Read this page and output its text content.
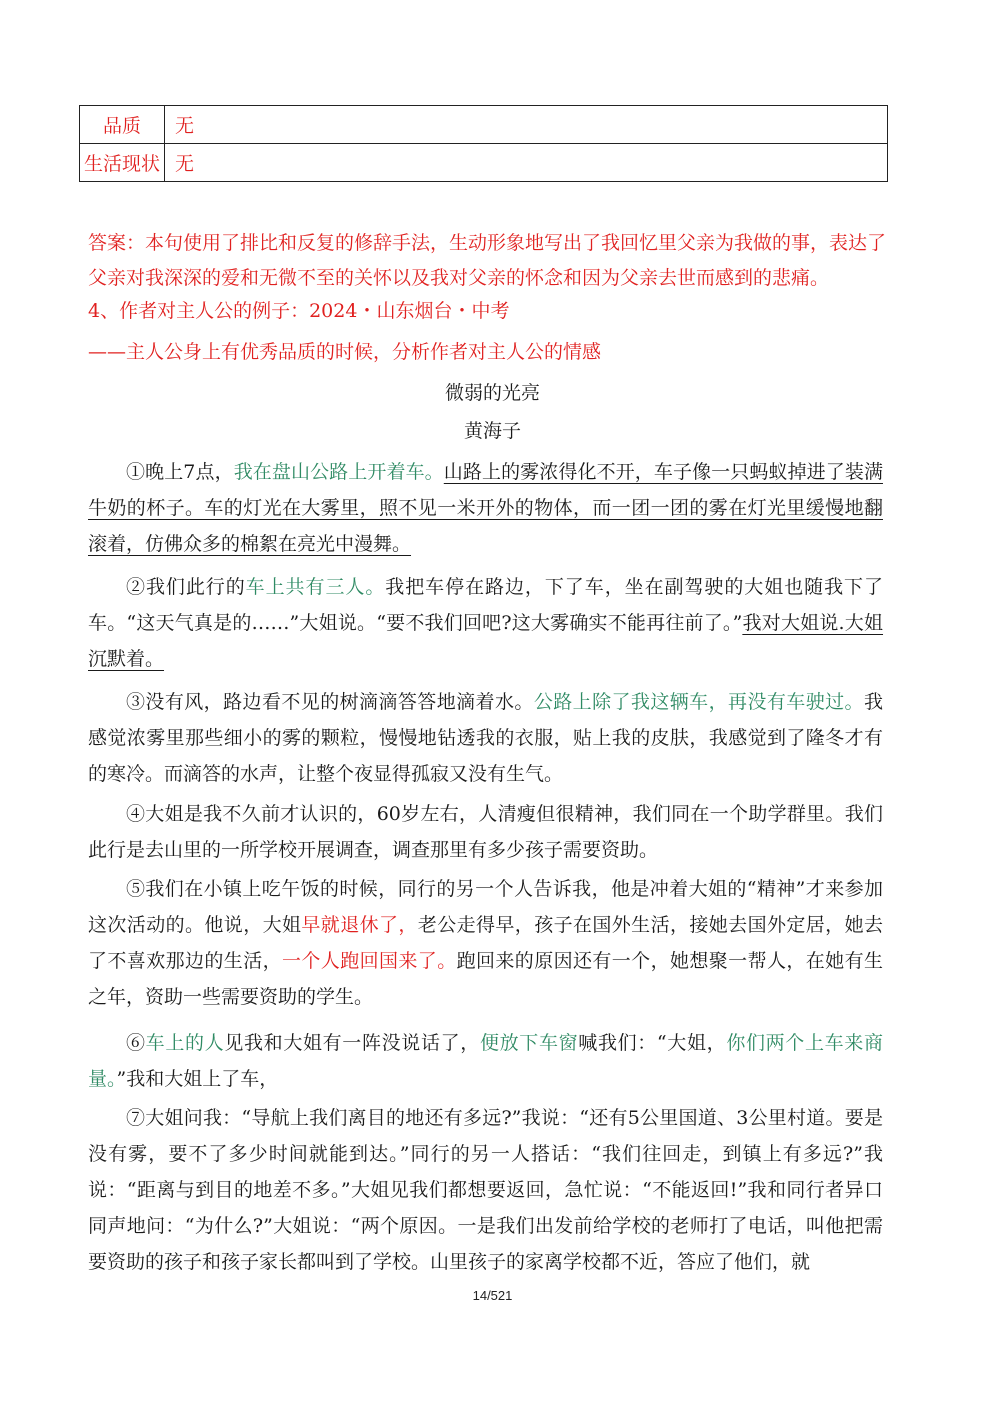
品质	无
生活现状	无
答案：本句使用了排比和反复的修辞手法，生动形象地写出了我回忆里父亲为我做的事，表达了父亲对我深深的爱和无微不至的关怀以及我对父亲的怀念和因为父亲去世而感到的悲痛。
4、作者对主人公的例子：2024・山东烟台・中考
——主人公身上有优秀品质的时候，分析作者对主人公的情感
微弱的光亮
黄海子
①晚上7点，我在盘山公路上开着车。山路上的雾浓得化不开，车子像一只蚂蚁掉进了装满牛奶的杯子。车的灯光在大雾里，照不见一米开外的物体，而一团一团的雾在灯光里缓慢地翻滚着，仿佛众多的棉絮在亮光中漫舞。
②我们此行的车上共有三人。我把车停在路边，下了车，坐在副驾驶的大姐也随我下了车。“这天气真是的……”大姐说。“要不我们回吧?这大雾确实不能再往前了。”我对大姐说.大姐沉默着。
③没有风，路边看不见的树滴滴答答地滴着水。公路上除了我这辆车，再没有车驶过。我感觉浓雾里那些细小的雾的颗粒，慢慢地钻透我的衣服，贴上我的皮肤，我感觉到了隆冬才有的寒冷。而滴答的水声，让整个夜显得孤寂又没有生气。
④大姐是我不久前才认识的，60岁左右，人清瘦但很精神，我们同在一个助学群里。我们此行是去山里的一所学校开展调查，调查那里有多少孩子需要资助。
⑤我们在小镇上吃午饭的时候，同行的另一个人告诉我，他是冲着大姐的“精神”才来参加这次活动的。他说，大姐早就退休了，老公走得早，孩子在国外生活，接她去国外定居，她去了不喜欢那边的生活，一个人跑回国来了。跑回来的原因还有一个，她想聚一帮人，在她有生之年，资助一些需要资助的学生。
⑥车上的人见我和大姐有一阵没说话了，便放下车窗喊我们：“大姐，你们两个上车来商量。”我和大姐上了车，
⑦大姐问我：“导航上我们离目的地还有多远?”我说：“还有5公里国道、3公里村道。要是没有雾，要不了多少时间就能到达。”同行的另一人搭话：“我们往回走，到镇上有多远?”我说：“距离与到目的地差不多。”大姐见我们都想要返回，急忙说：“不能返回!”我和同行者异口同声地问：“为什么?”大姐说：“两个原因。一是我们出发前给学校的老师打了电话，叫他把需要资助的孩子和孩子家长都叫到了学校。山里孩子的家离学校都不近，答应了他们，就
14/521
